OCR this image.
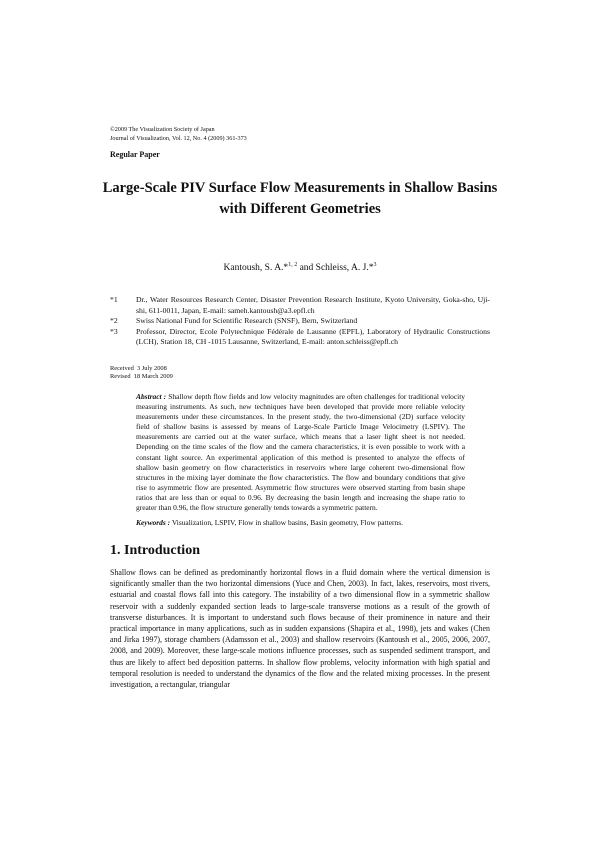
©2009 The Visualization Society of Japan
Journal of Visualization, Vol. 12, No. 4 (2009) 361-373
Regular Paper
Large-Scale PIV Surface Flow Measurements in Shallow Basins
with Different Geometries
Kantoush, S. A.*$^{1, 2}$ and Schleiss, A. J.*$^3$
*1	Dr., Water Resources Research Center, Disaster Prevention Research Institute, Kyoto University, Goka-sho, Uji-shi, 611-0011, Japan, E-mail: sameh.kantoush@a3.epfl.ch
*2	Swiss National Fund for Scientific Research (SNSF), Bern, Switzerland
*3	Professor, Director, Ecole Polytechnique Fédérale de Lausanne (EPFL), Laboratory of Hydraulic Constructions (LCH), Station 18, CH -1015 Lausanne, Switzerland, E-mail: anton.schleiss@epfl.ch
Received  3 July 2008
Revised  18 March 2009
Abstract : Shallow depth flow fields and low velocity magnitudes are often challenges for traditional velocity measuring instruments. As such, new techniques have been developed that provide more reliable velocity measurements under these circumstances. In the present study, the two-dimensional (2D) surface velocity field of shallow basins is assessed by means of Large-Scale Particle Image Velocimetry (LSPIV). The measurements are carried out at the water surface, which means that a laser light sheet is not needed. Depending on the time scales of the flow and the camera characteristics, it is even possible to work with a constant light source. An experimental application of this method is presented to analyze the effects of shallow basin geometry on flow characteristics in reservoirs where large coherent two-dimensional flow structures in the mixing layer dominate the flow characteristics. The flow and boundary conditions that give rise to asymmetric flow are presented. Asymmetric flow structures were observed starting from basin shape ratios that are less than or equal to 0.96. By decreasing the basin length and increasing the shape ratio to greater than 0.96, the flow structure generally tends towards a symmetric pattern.
Keywords : Visualization, LSPIV, Flow in shallow basins, Basin geometry, Flow patterns.
1. Introduction
Shallow flows can be defined as predominantly horizontal flows in a fluid domain where the vertical dimension is significantly smaller than the two horizontal dimensions (Yuce and Chen, 2003). In fact, lakes, reservoirs, most rivers, estuarial and coastal flows fall into this category. The instability of a two dimensional flow in a symmetric shallow reservoir with a suddenly expanded section leads to large-scale transverse motions as a result of the growth of transverse disturbances. It is important to understand such flows because of their prominence in nature and their practical importance in many applications, such as in sudden expansions (Shapira et al., 1998), jets and wakes (Chen and Jirka 1997), storage chambers (Adamsson et al., 2003) and shallow reservoirs (Kantoush et al., 2005, 2006, 2007, 2008, and 2009). Moreover, these large-scale motions influence processes, such as suspended sediment transport, and thus are likely to affect bed deposition patterns. In shallow flow problems, velocity information with high spatial and temporal resolution is needed to understand the dynamics of the flow and the related mixing processes. In the present investigation, a rectangular, triangular
